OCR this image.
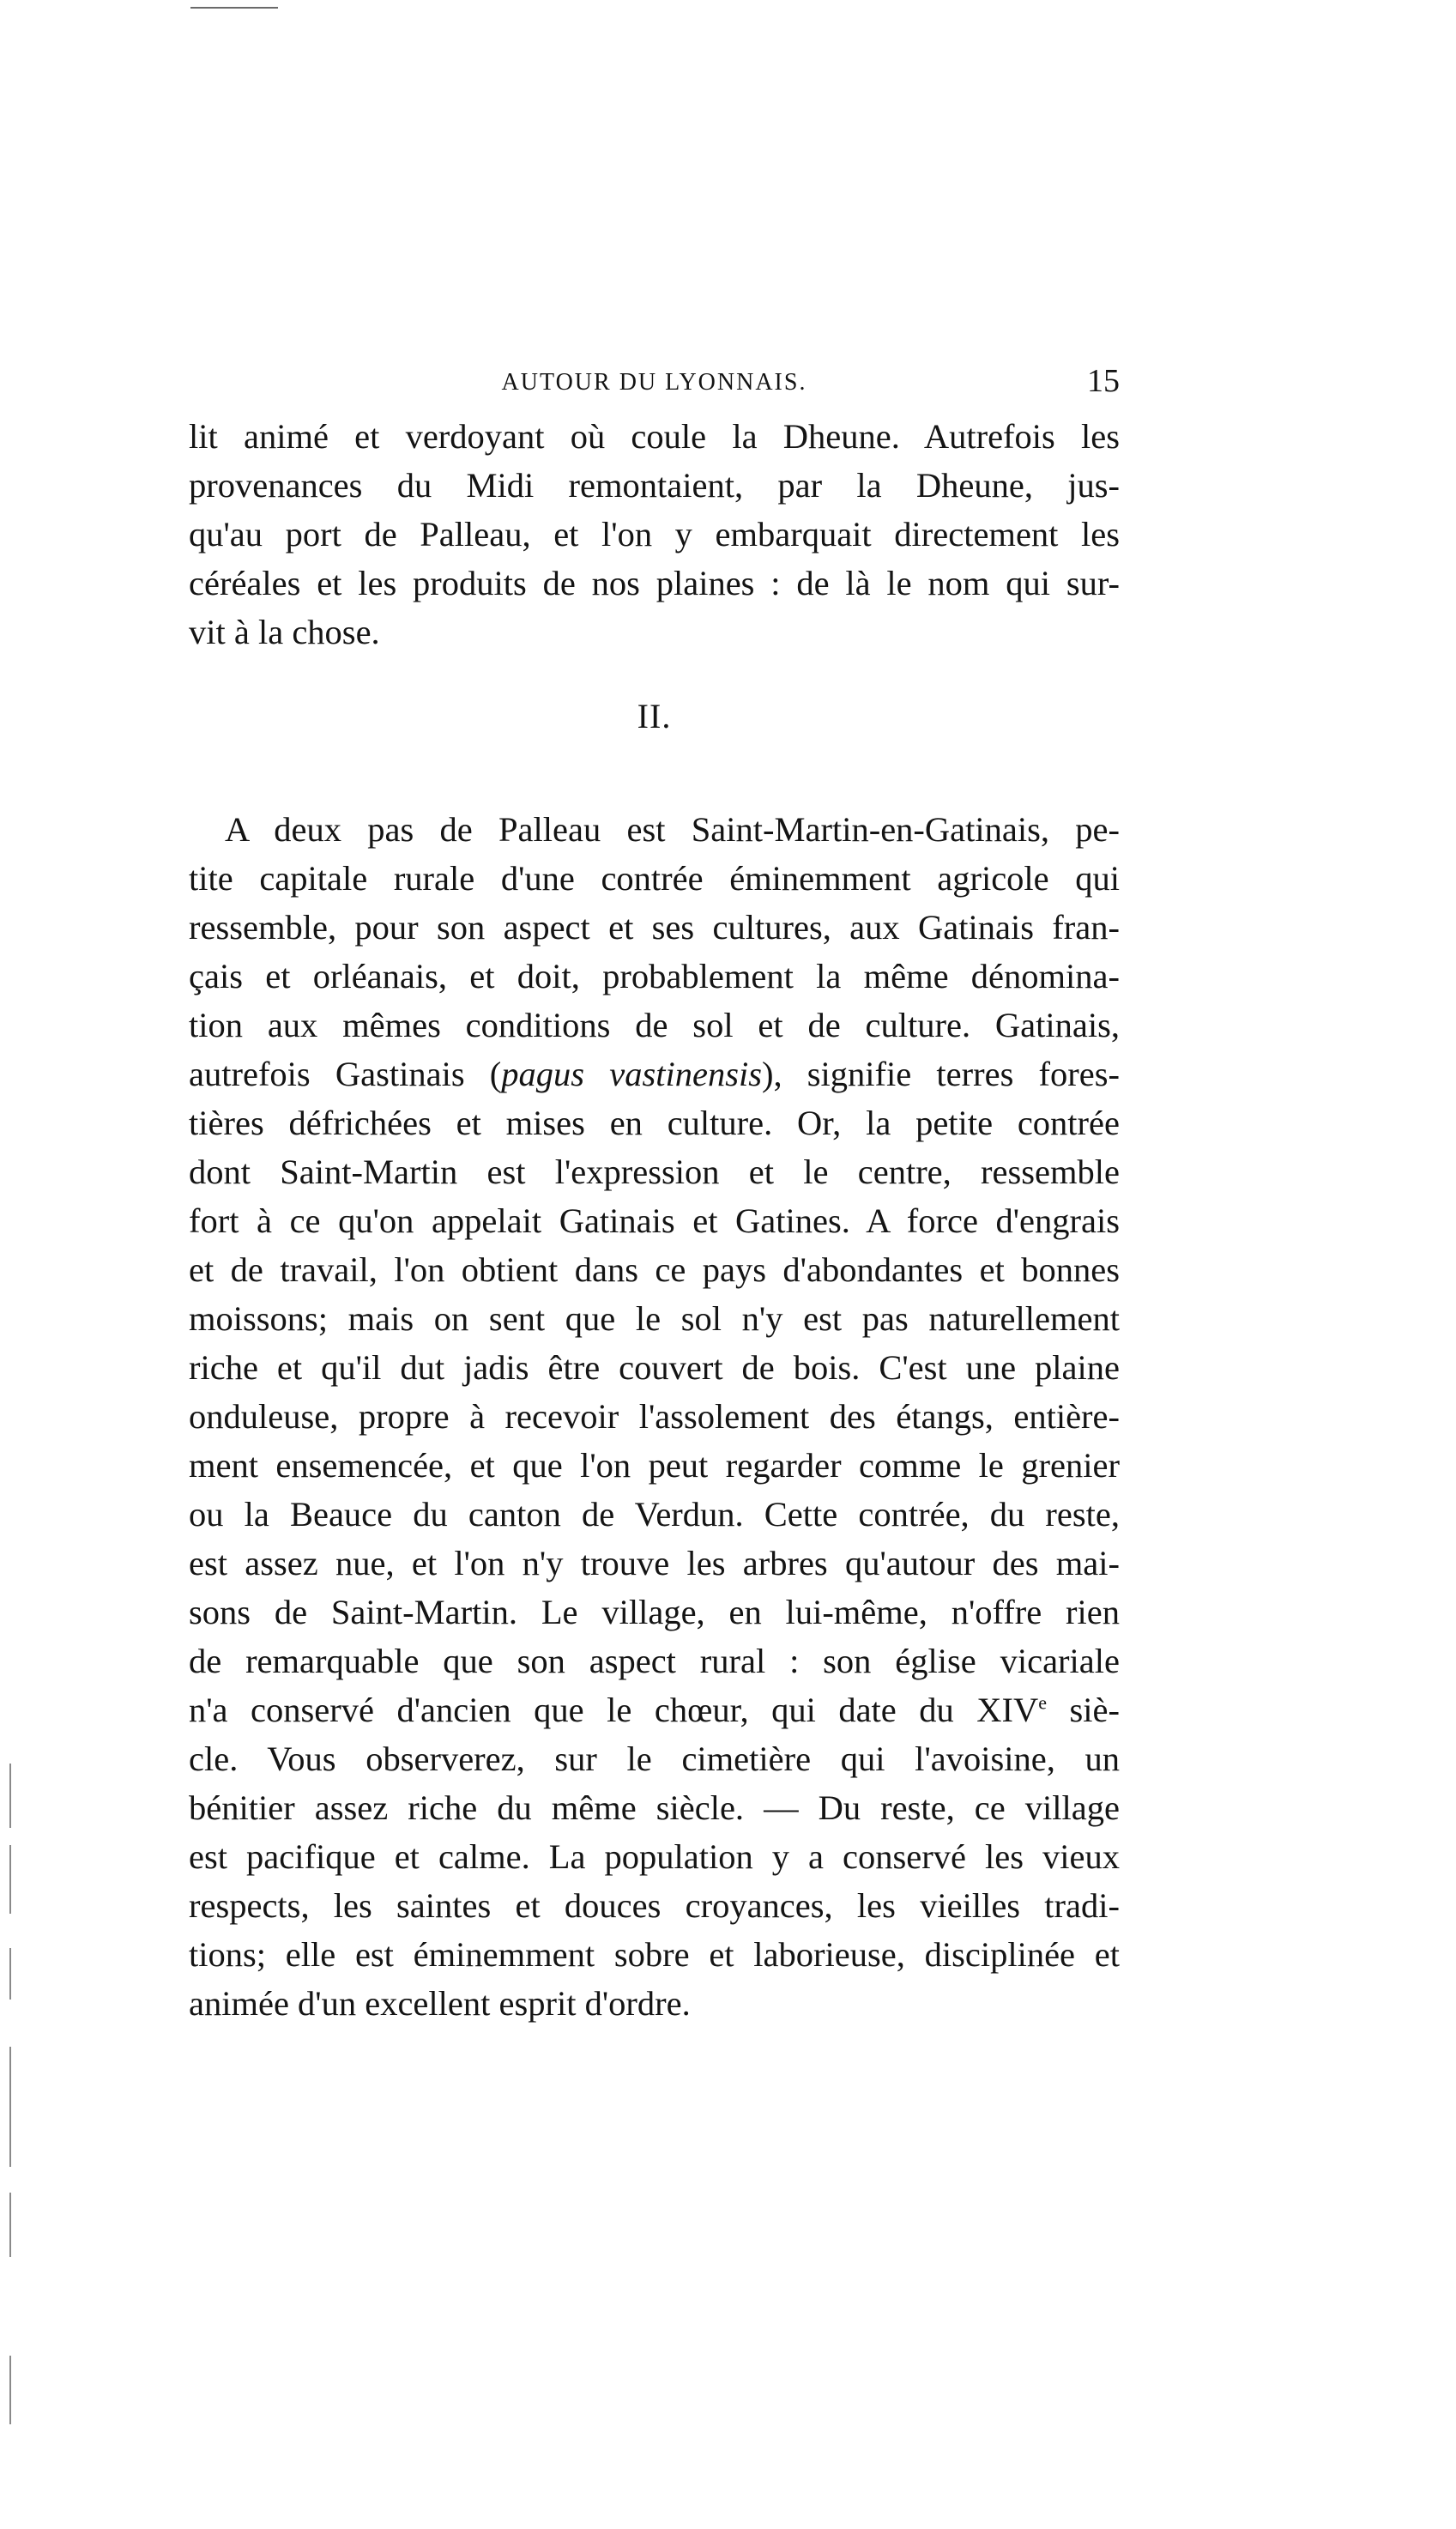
AUTOUR DU LYONNAIS.	15

lit animé et verdoyant où coule la Dheune. Autrefois les
provenances du Midi remontaient, par la Dheune, jus-
qu'au port de Palleau, et l'on y embarquait directement les
céréales et les produits de nos plaines : de là le nom qui sur-
vit à la chose.

II.

A deux pas de Palleau est Saint-Martin-en-Gatinais, pe-
tite capitale rurale d'une contrée éminemment agricole qui
ressemble, pour son aspect et ses cultures, aux Gatinais fran-
çais et orléanais, et doit, probablement la même dénomina-
tion aux mêmes conditions de sol et de culture. Gatinais,
autrefois Gastinais (pagus vastinensis), signifie terres fores-
tières défrichées et mises en culture. Or, la petite contrée
dont Saint-Martin est l'expression et le centre, ressemble
fort à ce qu'on appelait Gatinais et Gatines. A force d'engrais
et de travail, l'on obtient dans ce pays d'abondantes et bonnes
moissons; mais on sent que le sol n'y est pas naturellement
riche et qu'il dut jadis être couvert de bois. C'est une plaine
onduleuse, propre à recevoir l'assolement des étangs, entière-
ment ensemencée, et que l'on peut regarder comme le grenier
ou la Beauce du canton de Verdun. Cette contrée, du reste,
est assez nue, et l'on n'y trouve les arbres qu'autour des mai-
sons de Saint-Martin. Le village, en lui-même, n'offre rien
de remarquable que son aspect rural : son église vicariale
n'a conservé d'ancien que le chœur, qui date du XIVe siè-
cle. Vous observerez, sur le cimetière qui l'avoisine, un
bénitier assez riche du même siècle. — Du reste, ce village
est pacifique et calme. La population y a conservé les vieux
respects, les saintes et douces croyances, les vieilles tradi-
tions; elle est éminemment sobre et laborieuse, disciplinée et
animée d'un excellent esprit d'ordre.
